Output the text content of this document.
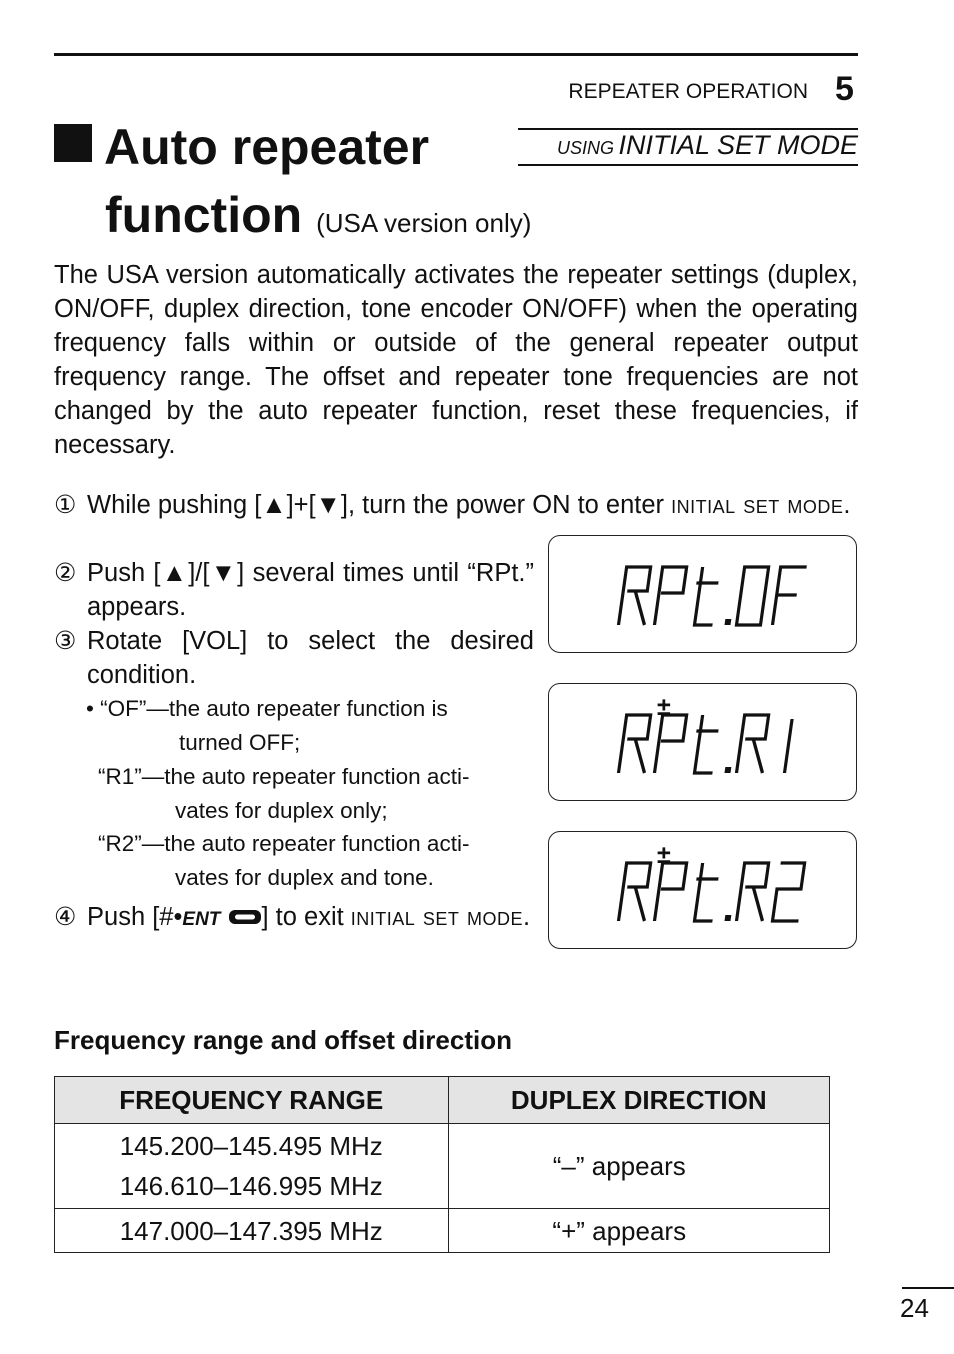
REPEATER OPERATION 5
Auto repeater
function (USA version only)
USING INITIAL SET MODE
The USA version automatically activates the repeater settings (duplex, ON/OFF, duplex direction, tone encoder ON/OFF) when the operating frequency falls within or outside of the general repeater output frequency range. The offset and repeater tone frequencies are not changed by the auto repeater function, reset these frequencies, if necessary.
① While pushing [▲]+[▼], turn the power ON to enter initial set mode.
② Push [▲]/[▼] several times until “RPt.” appears.
③ Rotate [VOL] to select the desired condition.
• “OF”—the auto repeater function is
turned OFF;
“R1”—the auto repeater function acti-
vates for duplex only;
“R2”—the auto repeater function acti-
vates for duplex and tone.
④ Push [#•ENT ] to exit initial set mode.
±
±
Frequency range and offset direction
FREQUENCY RANGE	DUPLEX DIRECTION

145.200–145.495 MHz
146.610–146.995 MHz	“–” appears
147.000–147.395 MHz	“+” appears
24
